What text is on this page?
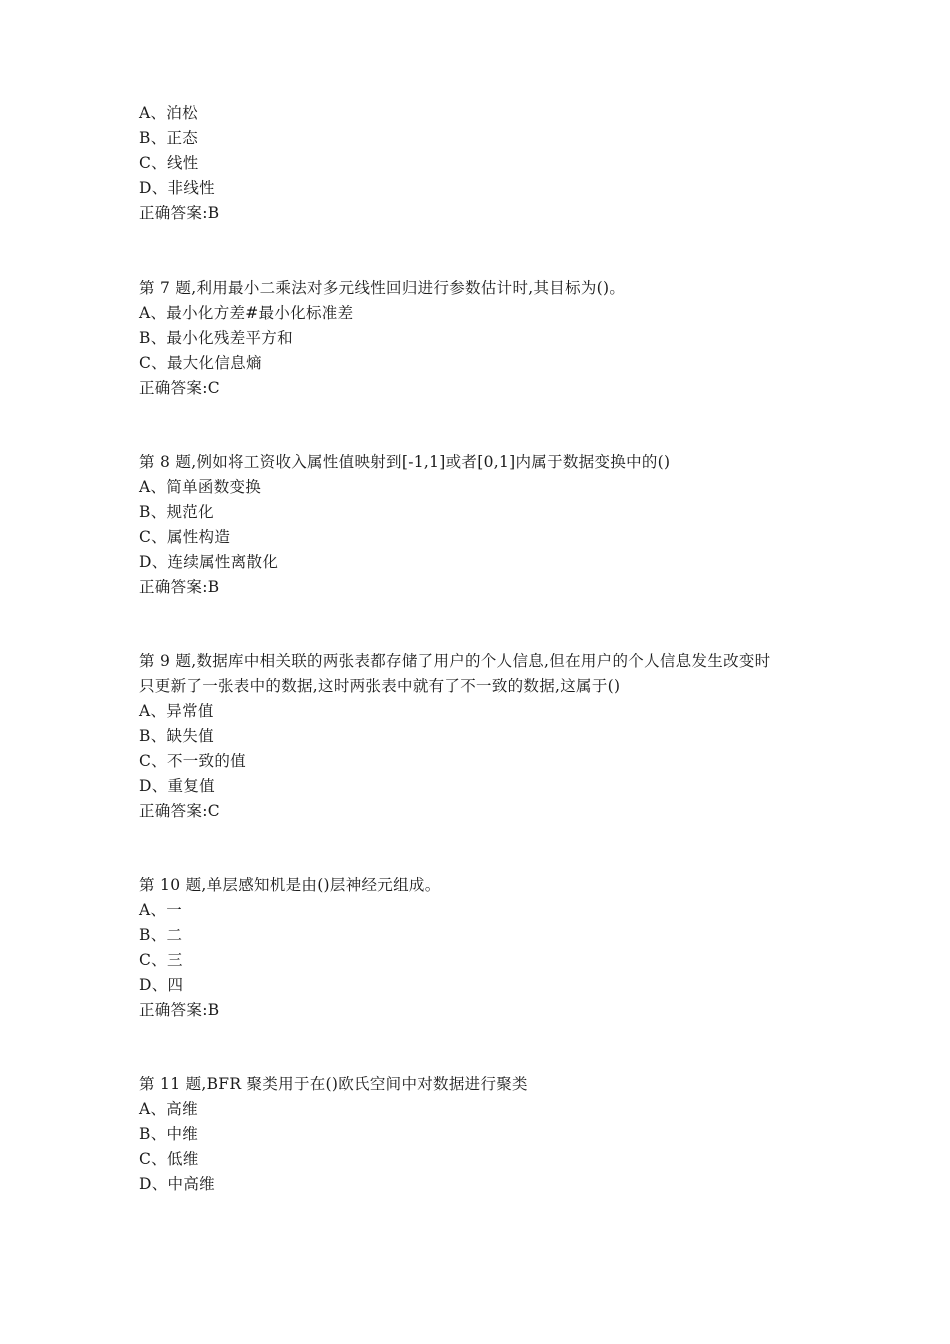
A、泊松
B、正态
C、线性
D、非线性
正确答案:B
第 7 题,利用最小二乘法对多元线性回归进行参数估计时,其目标为()。
A、最小化方差#最小化标准差
B、最小化残差平方和
C、最大化信息熵
正确答案:C
第 8 题,例如将工资收入属性值映射到[-1,1]或者[0,1]内属于数据变换中的()
A、简单函数变换
B、规范化
C、属性构造
D、连续属性离散化
正确答案:B
第 9 题,数据库中相关联的两张表都存储了用户的个人信息,但在用户的个人信息发生改变时
只更新了一张表中的数据,这时两张表中就有了不一致的数据,这属于()
A、异常值
B、缺失值
C、不一致的值
D、重复值
正确答案:C
第 10 题,单层感知机是由()层神经元组成。
A、一
B、二
C、三
D、四
正确答案:B
第 11 题,BFR 聚类用于在()欧氏空间中对数据进行聚类
A、高维
B、中维
C、低维
D、中高维
